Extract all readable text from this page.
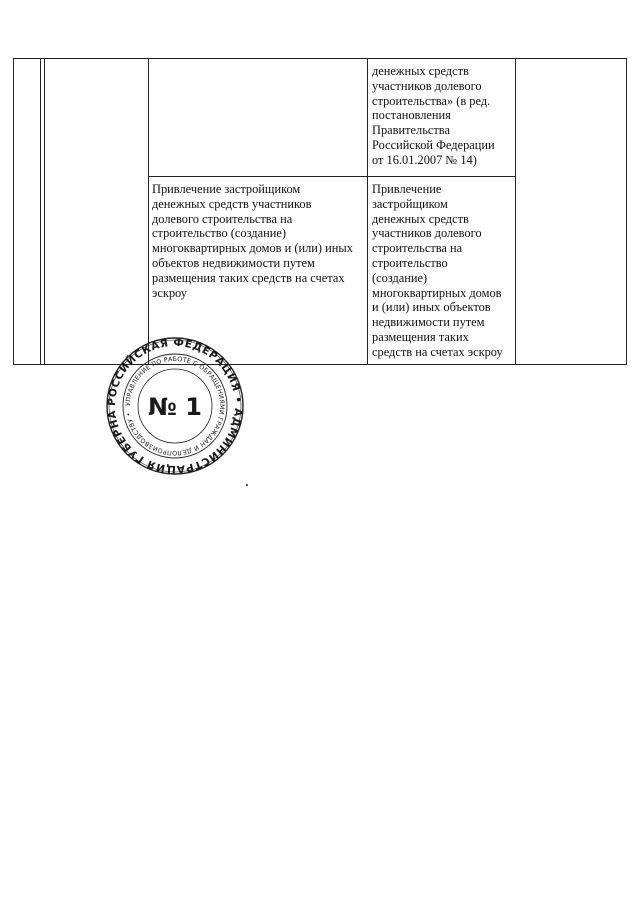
денежных средств
участников долевого
строительства» (в ред.
постановления
Правительства
Российской Федерации
от 16.01.2007 № 14)
Привлечение застройщиком
денежных средств участников
долевого строительства на
строительство (создание)
многоквартирных домов и (или) иных
объектов недвижимости путем
размещения таких средств на счетах
эскроу
Привлечение
застройщиком
денежных средств
участников долевого
строительства на
строительство
(создание)
многоквартирных домов
и (или) иных объектов
недвижимости путем
размещения таких
средств на счетах эскроу
РОССИЙСКАЯ ФЕДЕРАЦИЯ • АДМИНИСТРАЦИЯ ГУБЕРНА
УПРАВЛЕНИЕ ПО РАБОТЕ С ОБРАЩЕНИЯМИ ГРАЖДАН И ДЕЛОПРОИЗВОДСТВУ • № 1
